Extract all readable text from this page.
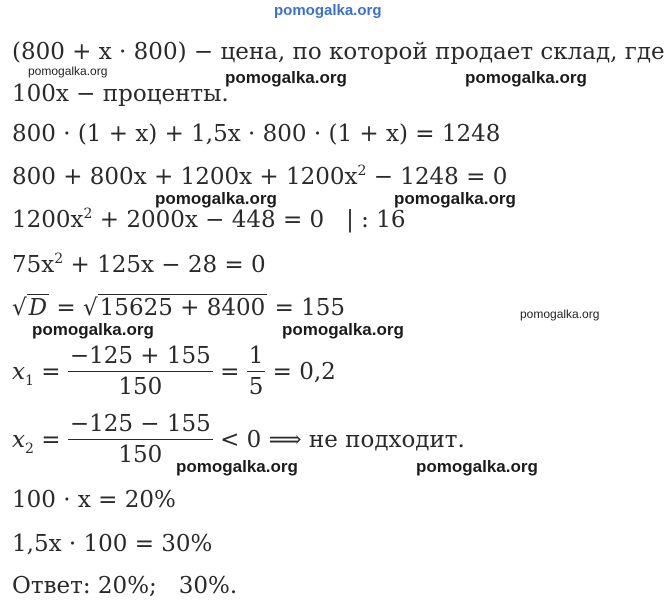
pomogalka.org
(800 + x · 800) − цена, по которой продает склад, где
pomogalka.org	pomogalka.org	pomogalka.org
100x − проценты.
800 · (1 + x) + 1,5x · 800 · (1 + x) = 1248
$800 + 800x + 1200x + 1200x^2 - 1248 = 0$
pomogalka.org	pomogalka.org
$1200x^2 + 2000x - 448 = 0$   | : 16
$75x^2 + 125x - 28 = 0$
√D = √15625 + 8400 = 155	pomogalka.org
pomogalka.org	pomogalka.org
$x_1 = \frac{-125 + 155}{150} = \frac{1}{5} = 0,2$
$x_2 = \frac{-125 - 155}{150} < 0$ ⟹ не подходит.
pomogalka.org	pomogalka.org
100 · x = 20%
1,5x · 100 = 30%
Ответ: 20%;   30%.
